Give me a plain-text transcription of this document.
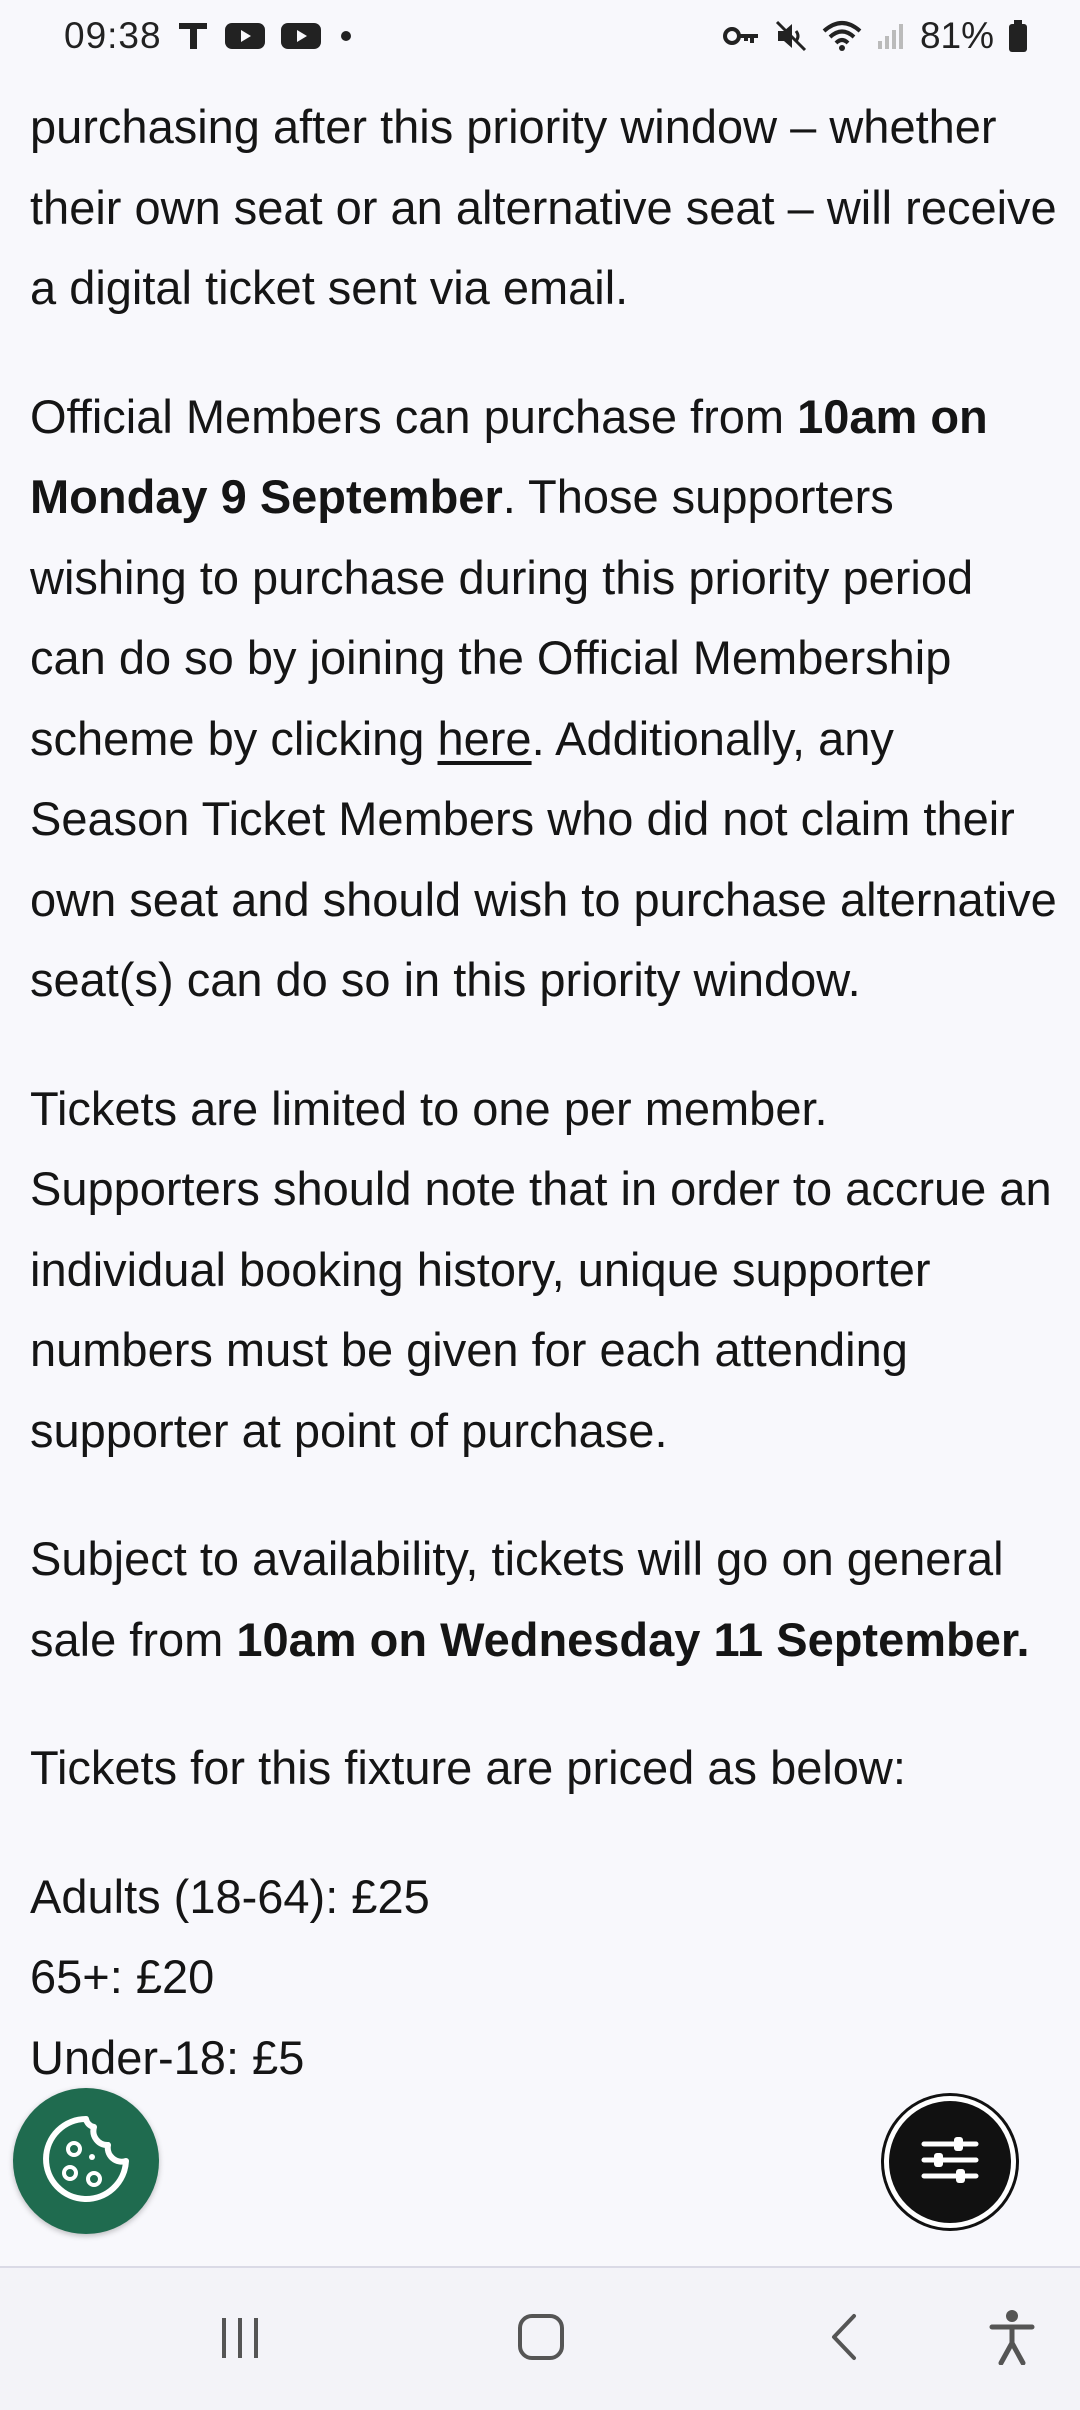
purchasing after this priority window – whether their own seat or an alternative seat – will receive a digital ticket sent via email.

Official Members can purchase from 10am on Monday 9 September. Those supporters wishing to purchase during this priority period can do so by joining the Official Membership scheme by clicking here. Additionally, any Season Ticket Members who did not claim their own seat and should wish to purchase alternative seat(s) can do so in this priority window.

Tickets are limited to one per member. Supporters should note that in order to accrue an individual booking history, unique supporter numbers must be given for each attending supporter at point of purchase.

Subject to availability, tickets will go on general sale from 10am on Wednesday 11 September.

Tickets for this fixture are priced as below:

Adults (18-64): £25
65+: £20
Under-18: £5
09:38	81%
